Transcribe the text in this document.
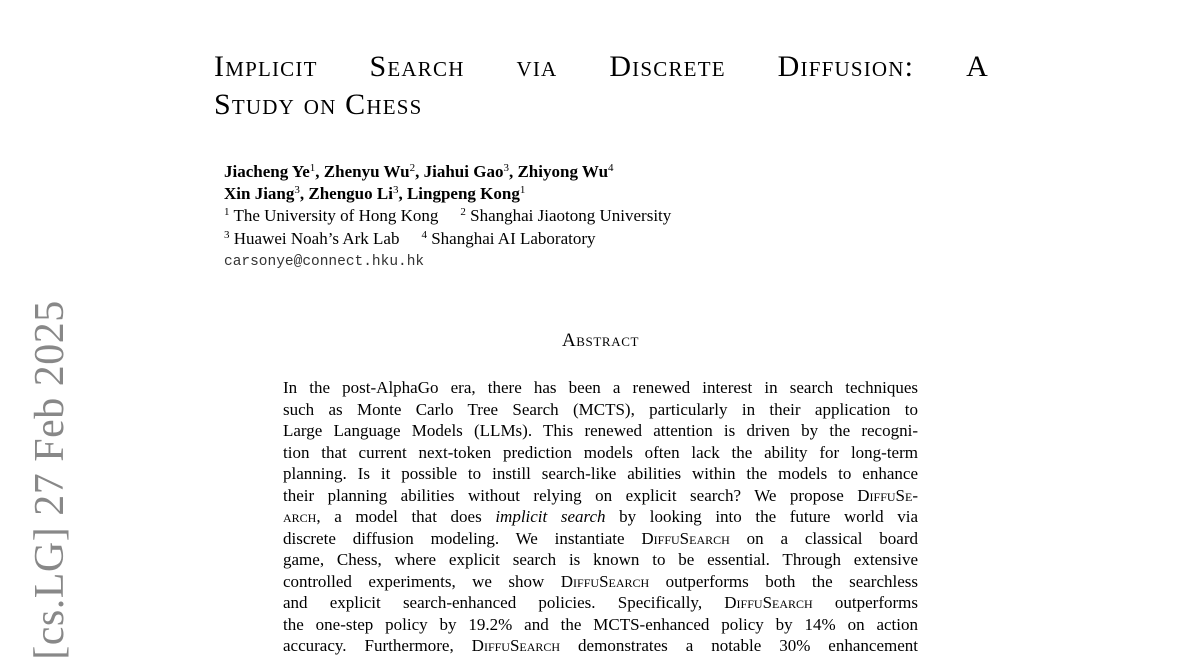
Implicit Search via Discrete Diffusion: A
Study on Chess
Jiacheng Ye$^1$, Zhenyu Wu$^2$, Jiahui Gao$^3$, Zhiyong Wu$^4$
Xin Jiang$^3$, Zhenguo Li$^3$, Lingpeng Kong$^1$
$^1$ The University of Hong Kong $^2$ Shanghai Jiaotong University
$^3$ Huawei Noah’s Ark Lab $^4$ Shanghai AI Laboratory
carsonye@connect.hku.hk
[cs.LG] 27 Feb 2025	Abstract
In the post-AlphaGo era, there has been a renewed interest in search techniques
such as Monte Carlo Tree Search (MCTS), particularly in their application to
Large Language Models (LLMs). This renewed attention is driven by the recogni-
tion that current next-token prediction models often lack the ability for long-term
planning. Is it possible to instill search-like abilities within the models to enhance
their planning abilities without relying on explicit search? We propose DiffuSe-
arch, a model that does implicit search by looking into the future world via
discrete diffusion modeling. We instantiate DiffuSearch on a classical board
game, Chess, where explicit search is known to be essential. Through extensive
controlled experiments, we show DiffuSearch outperforms both the searchless
and explicit search-enhanced policies. Specifically, DiffuSearch outperforms
the one-step policy by 19.2% and the MCTS-enhanced policy by 14% on action
accuracy. Furthermore, DiffuSearch demonstrates a notable 30% enhancement
